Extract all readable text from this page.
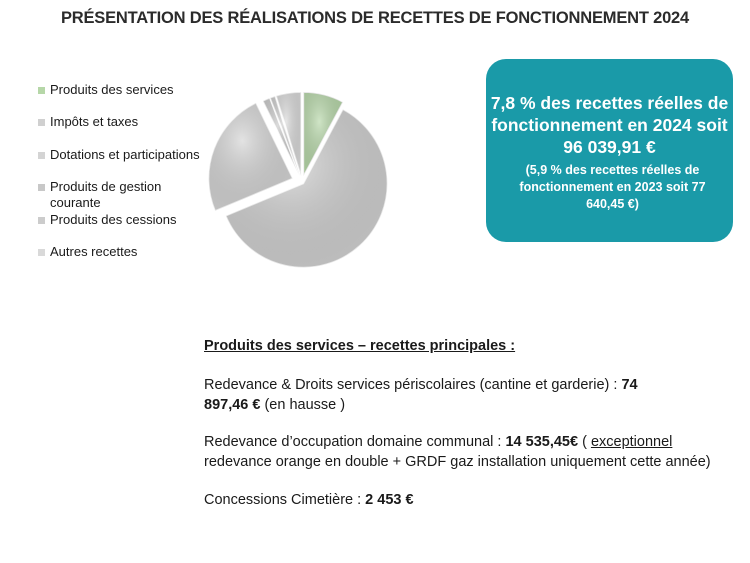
PRÉSENTATION DES RÉALISATIONS DE RECETTES DE FONCTIONNEMENT 2024
Produits des services
Impôts et taxes
Dotations et participations
Produits de gestion courante
Produits des cessions
Autres recettes
7,8 % des recettes réelles de fonctionnement en 2024 soit 96 039,91 €
(5,9 % des recettes réelles de fonctionnement en 2023 soit 77 640,45 €)
Produits des services – recettes principales :
Redevance & Droits services périscolaires (cantine et garderie) : 74 897,46 € (en hausse )
Redevance d’occupation domaine communal : 14 535,45€ ( exceptionnel redevance orange en double + GRDF gaz installation uniquement cette année)
Concessions Cimetière : 2 453 €
